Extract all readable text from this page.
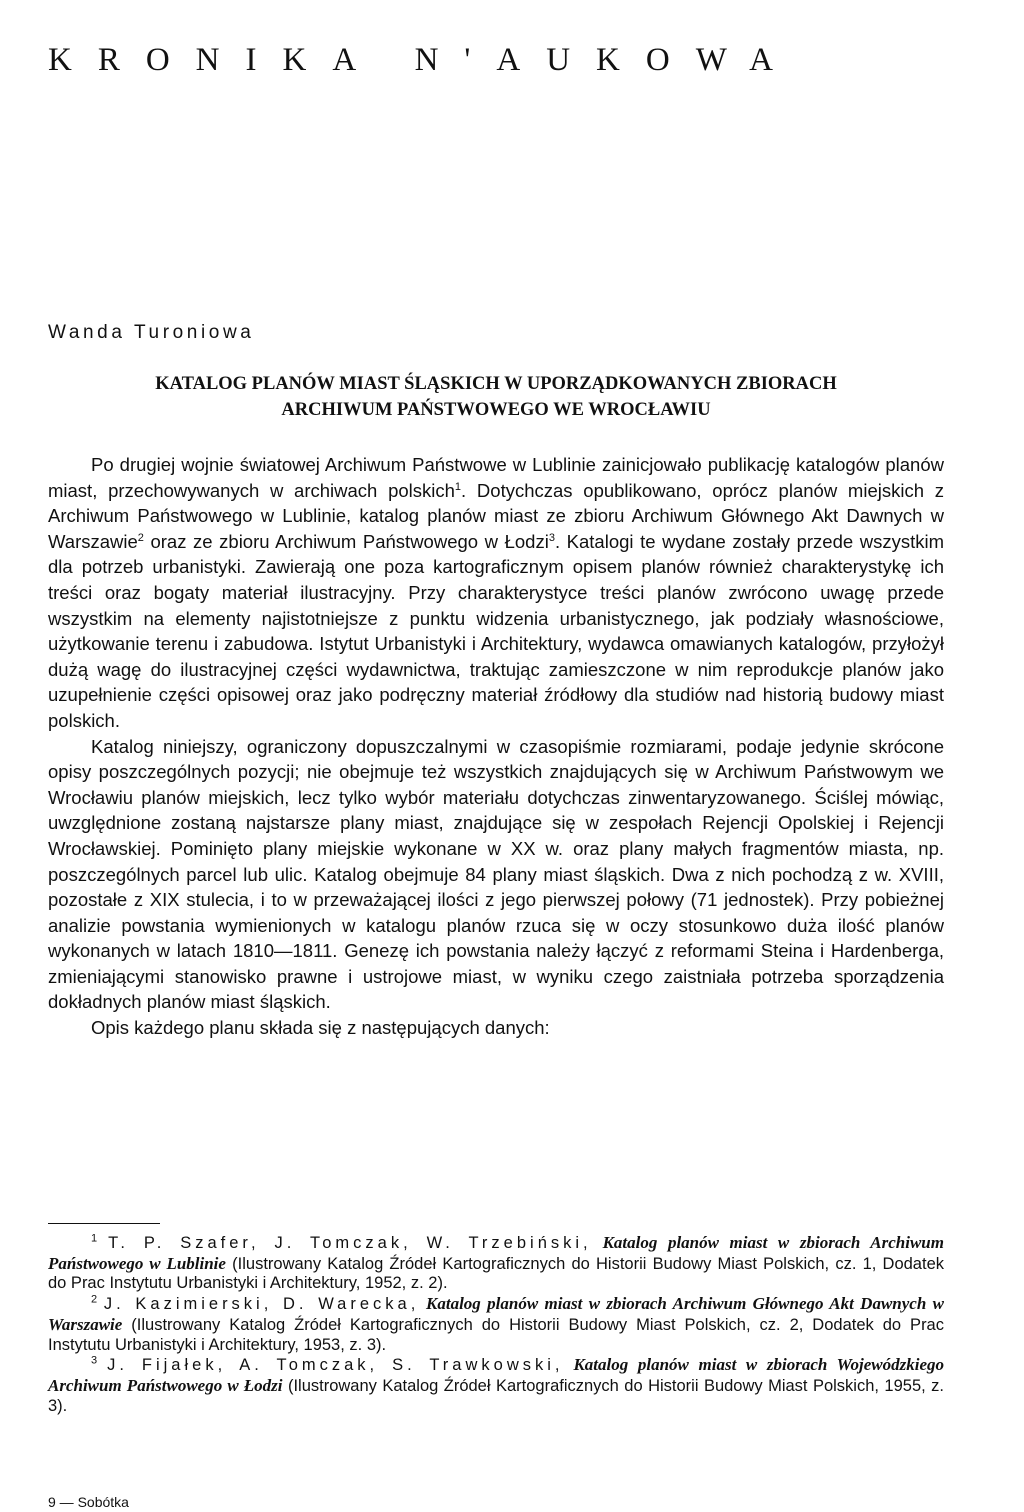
KRONIKA N'AUKOWA
Wanda Turoniowa
KATALOG PLANÓW MIAST ŚLĄSKICH W UPORZĄDKOWANYCH ZBIORACH
ARCHIWUM PAŃSTWOWEGO WE WROCŁAWIU

Po drugiej wojnie światowej Archiwum Państwowe w Lublinie zainicjowało publikację katalogów planów miast, przechowywanych w archiwach polskich$^1$. Dotychczas opublikowano, oprócz planów miejskich z Archiwum Państwowego w Lublinie, katalog planów miast ze zbioru Archiwum Głównego Akt Dawnych w Warszawie$^2$ oraz ze zbioru Archiwum Państwowego w Łodzi$^3$. Katalogi te wydane zostały przede wszystkim dla potrzeb urbanistyki. Zawierają one poza kartograficznym opisem planów również charakterystykę ich treści oraz bogaty materiał ilustracyjny. Przy charakterystyce treści planów zwrócono uwagę przede wszystkim na elementy najistotniejsze z punktu widzenia urbanistycznego, jak podziały własnościowe, użytkowanie terenu i zabudowa. Istytut Urbanistyki i Architektury, wydawca omawianych katalogów, przyłożył dużą wagę do ilustracyjnej części wydawnictwa, traktując zamieszczone w nim reprodukcje planów jako uzupełnienie części opisowej oraz jako podręczny materiał źródłowy dla studiów nad historią budowy miast polskich.

Katalog niniejszy, ograniczony dopuszczalnymi w czasopiśmie rozmiarami, podaje jedynie skrócone opisy poszczególnych pozycji; nie obejmuje też wszystkich znajdujących się w Archiwum Państwowym we Wrocławiu planów miejskich, lecz tylko wybór materiału dotychczas zinwentaryzowanego. Ściślej mówiąc, uwzględnione zostaną najstarsze plany miast, znajdujące się w zespołach Rejencji Opolskiej i Rejencji Wrocławskiej. Pominięto plany miejskie wykonane w XX w. oraz plany małych fragmentów miasta, np. poszczególnych parcel lub ulic. Katalog obejmuje 84 plany miast śląskich. Dwa z nich pochodzą z w. XVIII, pozostałe z XIX stulecia, i to w przeważającej ilości z jego pierwszej połowy (71 jednostek). Przy pobieżnej analizie powstania wymienionych w katalogu planów rzuca się w oczy stosunkowo duża ilość planów wykonanych w latach 1810—1811. Genezę ich powstania należy łączyć z reformami Steina i Hardenberga, zmieniającymi stanowisko prawne i ustrojowe miast, w wyniku czego zaistniała potrzeba sporządzenia dokładnych planów miast śląskich.

Opis każdego planu składa się z następujących danych:

$^1$ T. P. Szafer, J. Tomczak, W. Trzebiński, Katalog planów miast w zbiorach Archiwum Państwowego w Lublinie (Ilustrowany Katalog Źródeł Kartograficznych do Historii Budowy Miast Polskich, cz. 1, Dodatek do Prac Instytutu Urbanistyki i Architektury, 1952, z. 2).

$^2$ J. Kazimierski, D. Warecka, Katalog planów miast w zbiorach Archiwum Głównego Akt Dawnych w Warszawie (Ilustrowany Katalog Źródeł Kartograficznych do Historii Budowy Miast Polskich, cz. 2, Dodatek do Prac Instytutu Urbanistyki i Architektury, 1953, z. 3).

$^3$ J. Fijałek, A. Tomczak, S. Trawkowski, Katalog planów miast w zbiorach Wojewódzkiego Archiwum Państwowego w Łodzi (Ilustrowany Katalog Źródeł Kartograficznych do Historii Budowy Miast Polskich, 1955, z. 3).

9 — Sobótka
